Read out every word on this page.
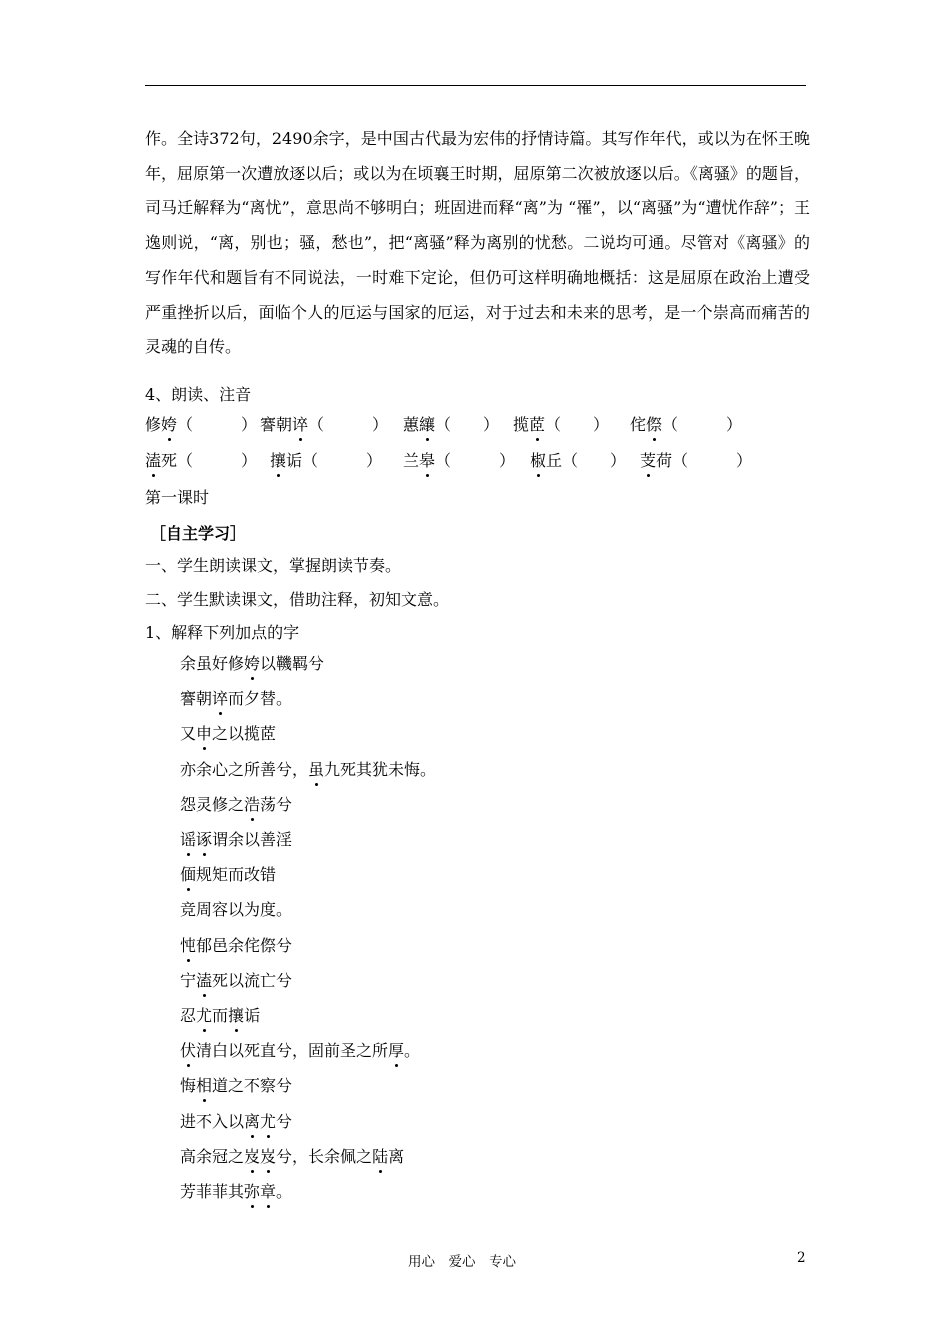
作。全诗372句，2490余字，是中国古代最为宏伟的抒情诗篇。其写作年代，或以为在怀王晚年，屈原第一次遭放逐以后；或以为在顷襄王时期，屈原第二次被放逐以后。《离骚》的题旨，司马迁解释为“离忧”，意思尚不够明白；班固进而释“离”为 “罹”，以“离骚”为“遭忧作辞”；王逸则说，“离，别也；骚，愁也”，把“离骚”释为离别的忧愁。二说均可通。尽管对《离骚》的写作年代和题旨有不同说法，一时难下定论，但仍可这样明确地概括：这是屈原在政治上遭受严重挫折以后，面临个人的厄运与国家的厄运，对于过去和未来的思考，是一个崇高而痛苦的灵魂的自传。

4、朗读、注音
修姱（　　　） 謇朝谇（　　　） 蕙纕（　　） 揽茝（　　） 侘傺（　　　）
溘死（　　　） 攘诟（　　　） 兰皋（　　　） 椒丘（　　） 芰荷（　　　）
第一课时
［自主学习］
一、学生朗读课文，掌握朗读节奏。
二、学生默读课文，借助注释，初知文意。
1、解释下列加点的字
余虽好修姱以鞿羁兮
謇朝谇而夕替。
又申之以揽茝
亦余心之所善兮，虽九死其犹未悔。
怨灵修之浩荡兮
谣诼谓余以善淫
偭规矩而改错
竞周容以为度。
忳郁邑余侘傺兮
宁溘死以流亡兮
忍尤而攘诟
伏清白以死直兮，固前圣之所厚。
悔相道之不察兮
进不入以离尤兮
高余冠之岌岌兮，长余佩之陆离
芳菲菲其弥章。
用心　爱心　专心	2
